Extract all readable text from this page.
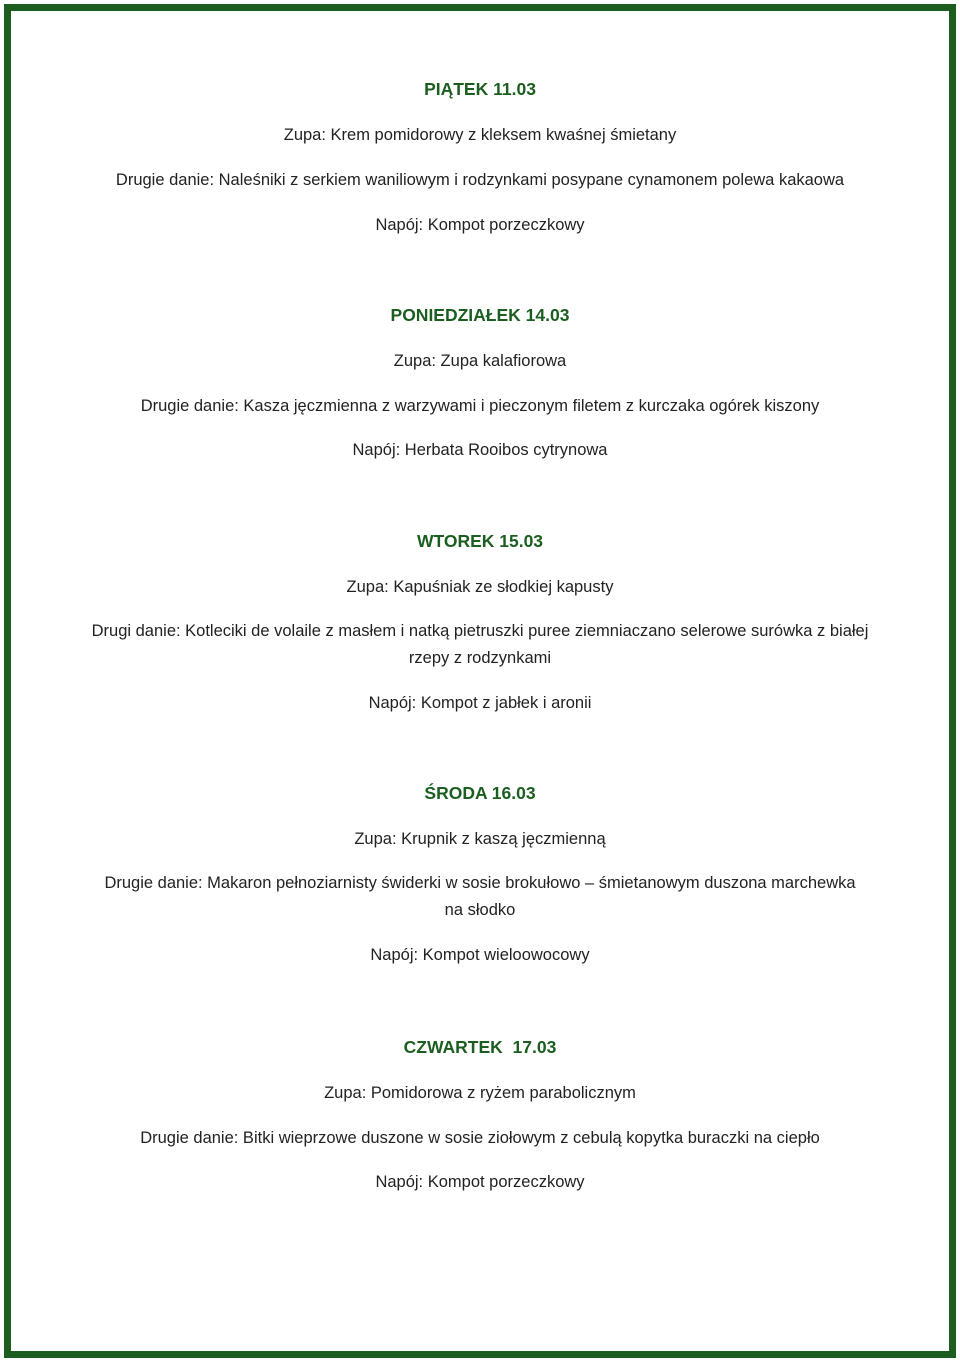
PIĄTEK 11.03
Zupa: Krem pomidorowy z kleksem kwaśnej śmietany
Drugie danie: Naleśniki z serkiem waniliowym i rodzynkami posypane cynamonem polewa kakaowa
Napój: Kompot porzeczkowy
PONIEDZIAŁEK 14.03
Zupa: Zupa kalafiorowa
Drugie danie: Kasza jęczmienna z warzywami i pieczonym filetem z kurczaka ogórek kiszony
Napój: Herbata Rooibos cytrynowa
WTOREK 15.03
Zupa: Kapuśniak ze słodkiej kapusty
Drugi danie: Kotleciki de volaile z masłem i natką pietruszki puree ziemniaczano selerowe surówka z białej rzepy z rodzynkami
Napój: Kompot z jabłek i aronii
ŚRODA 16.03
Zupa: Krupnik z kaszą jęczmienną
Drugie danie: Makaron pełnoziarnisty świderki w sosie brokułowo – śmietanowym duszona marchewka na słodko
Napój: Kompot wieloowocowy
CZWARTEK  17.03
Zupa: Pomidorowa z ryżem parabolicznym
Drugie danie: Bitki wieprzowe duszone w sosie ziołowym z cebulą kopytka buraczki na ciepło
Napój: Kompot porzeczkowy
